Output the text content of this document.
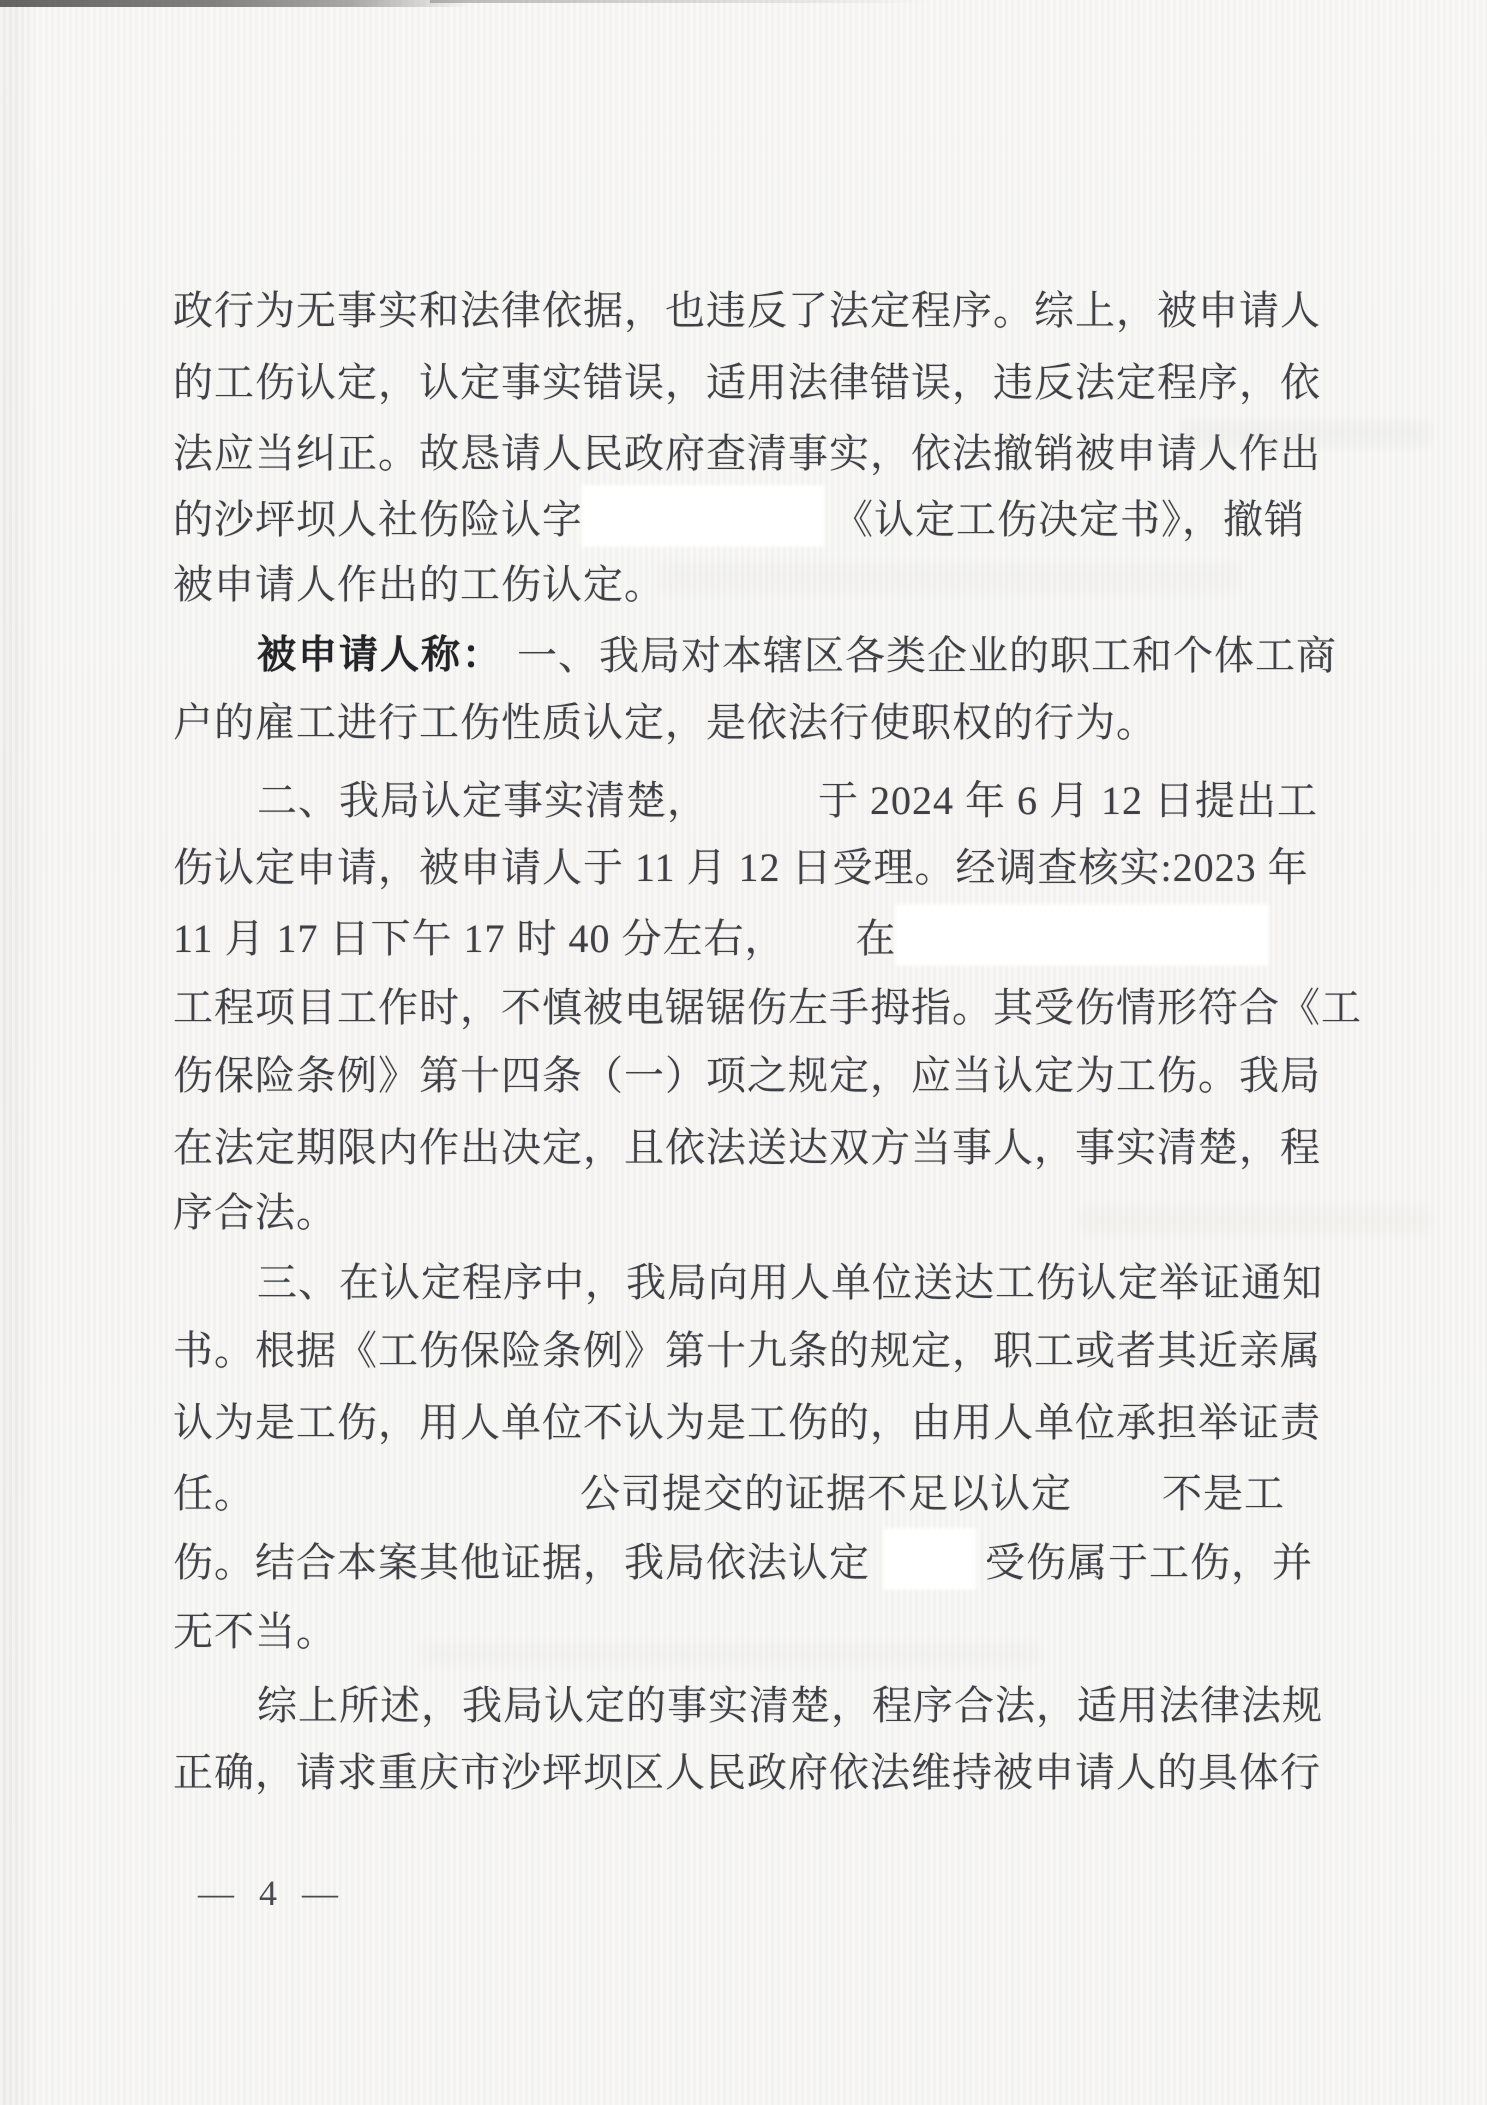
政行为无事实和法律依据，也违反了法定程序。综上，被申请人
的工伤认定，认定事实错误，适用法律错误，违反法定程序，依
法应当纠正。故恳请人民政府查清事实，依法撤销被申请人作出
的沙坪坝人社伤险认字	《认定工伤决定书》，撤销
被申请人作出的工伤认定。
被申请人称： 一、我局对本辖区各类企业的职工和个体工商
户的雇工进行工伤性质认定，是依法行使职权的行为。
二、我局认定事实清楚，	于 2024 年 6 月 12 日提出工
伤认定申请，被申请人于 11 月 12 日受理。经调查核实:2023 年
11 月 17 日下午 17 时 40 分左右， 在
工程项目工作时，不慎被电锯锯伤左手拇指。其受伤情形符合《工
伤保险条例》第十四条（一）项之规定，应当认定为工伤。我局
在法定期限内作出决定，且依法送达双方当事人，事实清楚，程
序合法。
三、在认定程序中，我局向用人单位送达工伤认定举证通知
书。根据《工伤保险条例》第十九条的规定，职工或者其近亲属
认为是工伤，用人单位不认为是工伤的，由用人单位承担举证责
任。	公司提交的证据不足以认定 不是工
伤。结合本案其他证据，我局依法认定	受伤属于工伤，并
无不当。
综上所述，我局认定的事实清楚，程序合法，适用法律法规
正确，请求重庆市沙坪坝区人民政府依法维持被申请人的具体行
— 4 —
